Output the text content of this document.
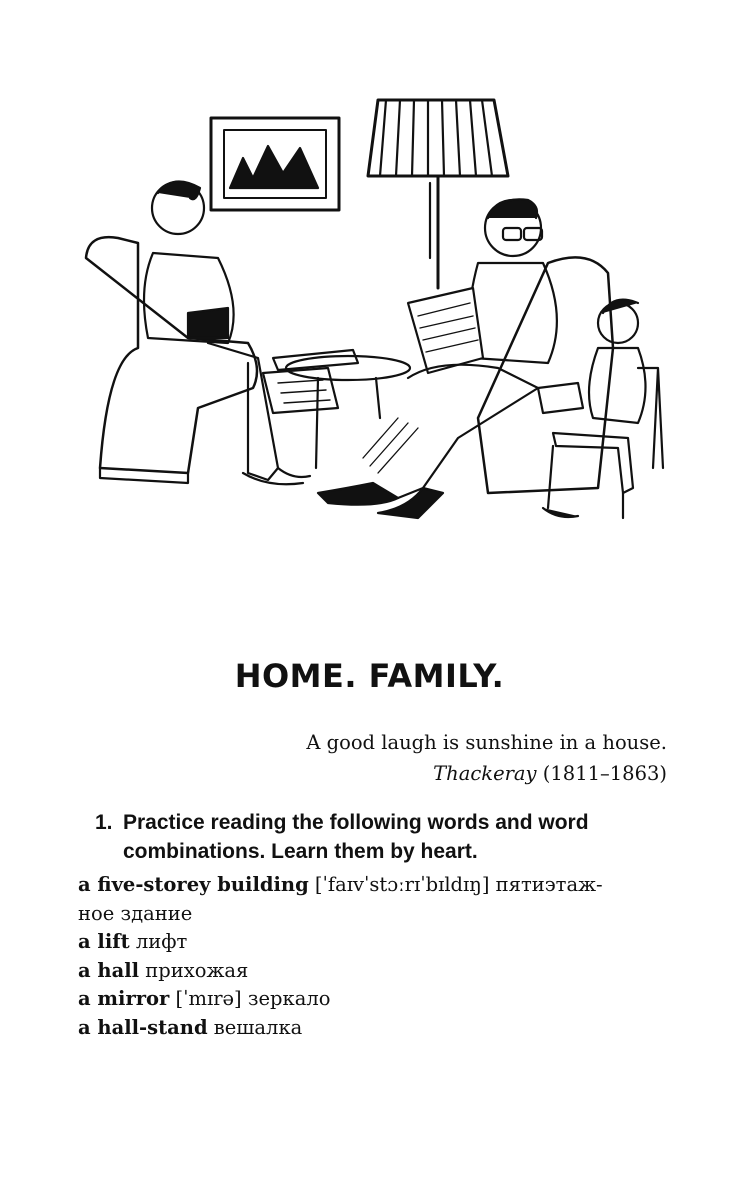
HOME. FAMILY.
A good laugh is sunshine in a house.
Thackeray (1811–1863)
1. Practice reading the following words and word
combinations. Learn them by heart.
a five-storey building [ˈfaɪvˈstɔːrɪˈbɪldɪŋ] пятиэтаж-
ное здание
a lift лифт
a hall прихожая
a mirror [ˈmɪrə] зеркало
a hall-stand вешалка
